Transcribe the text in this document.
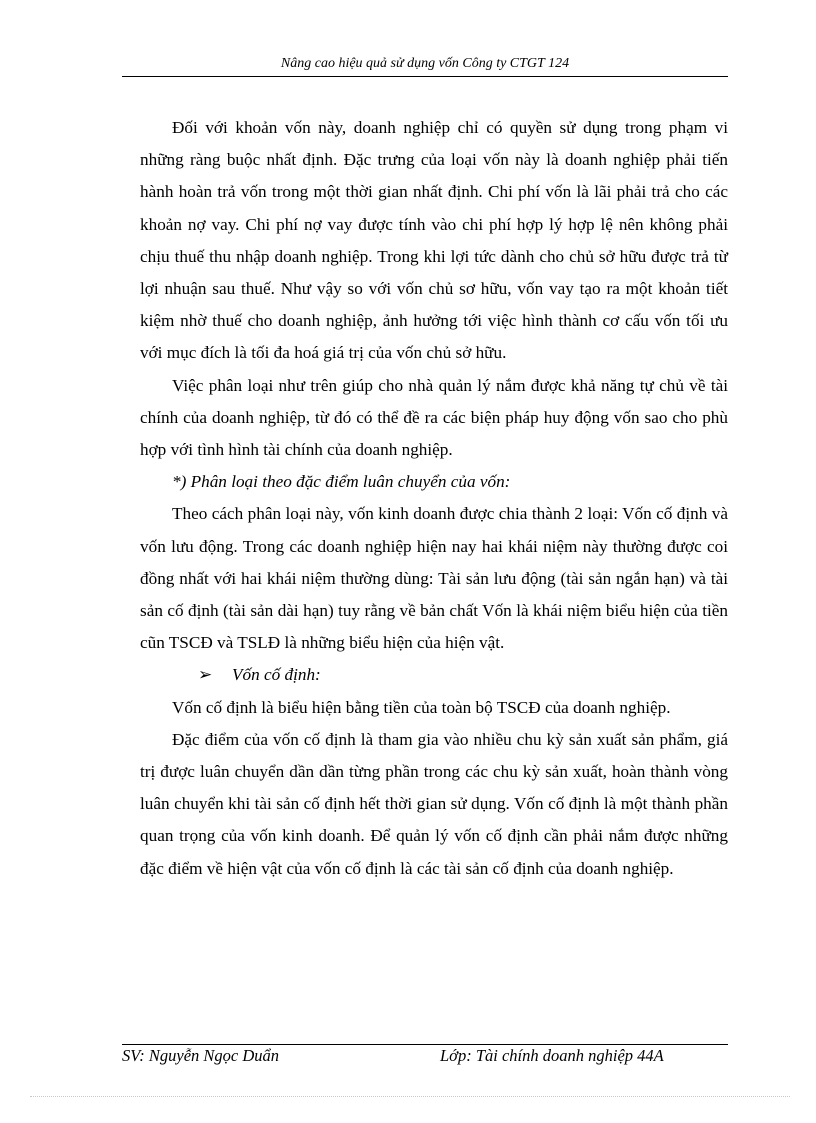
Nâng cao hiệu quả sử dụng vốn Công ty CTGT 124

Đối với khoản vốn này, doanh nghiệp chỉ có quyền sử dụng trong phạm vi những ràng buộc nhất định. Đặc trưng của loại vốn này là doanh nghiệp phải tiến hành hoàn trả vốn trong một thời gian nhất định. Chi phí vốn là lãi phải trả cho các khoản nợ vay. Chi phí nợ vay được tính vào chi phí hợp lý hợp lệ nên không phải chịu thuế thu nhập doanh nghiệp. Trong khi lợi tức dành cho chủ sở hữu được trả từ lợi nhuận sau thuế. Như vậy so với vốn chủ sơ hữu, vốn vay tạo ra một khoản tiết kiệm nhờ thuế cho doanh nghiệp, ảnh hưởng tới việc hình thành cơ cấu vốn tối ưu với mục đích là tối đa hoá giá trị của vốn chủ sở hữu.

Việc phân loại như trên giúp cho nhà quản lý nắm được khả năng tự chủ về tài chính của doanh nghiệp, từ đó có thể đề ra các biện pháp huy động vốn sao cho phù hợp với tình hình tài chính của doanh nghiệp.

*) Phân loại theo đặc điểm luân chuyển của vốn:

Theo cách phân loại này, vốn kinh doanh được chia thành 2 loại: Vốn cố định và vốn lưu động. Trong các doanh nghiệp hiện nay hai khái niệm này thường được coi đồng nhất với hai khái niệm thường dùng: Tài sản lưu động (tài sản ngắn hạn) và tài sản cố định (tài sản dài hạn) tuy rằng về bản chất Vốn là khái niệm biểu hiện của tiền cũn TSCĐ và TSLĐ là những biểu hiện của hiện vật.

➢ Vốn cố định:

Vốn cố định là biểu hiện bằng tiền của toàn bộ TSCĐ của doanh nghiệp.

Đặc điểm của vốn cố định là tham gia vào nhiều chu kỳ sản xuất sản phẩm, giá trị được luân chuyển dần dần từng phần trong các chu kỳ sản xuất, hoàn thành vòng luân chuyển khi tài sản cố định hết thời gian sử dụng. Vốn cố định là một thành phần quan trọng của vốn kinh doanh. Để quản lý vốn cố định cần phải nắm được những đặc điểm về hiện vật của vốn cố định là các tài sản cố định của doanh nghiệp.

SV: Nguyễn Ngọc Duẩn	Lớp: Tài chính doanh nghiệp 44A
